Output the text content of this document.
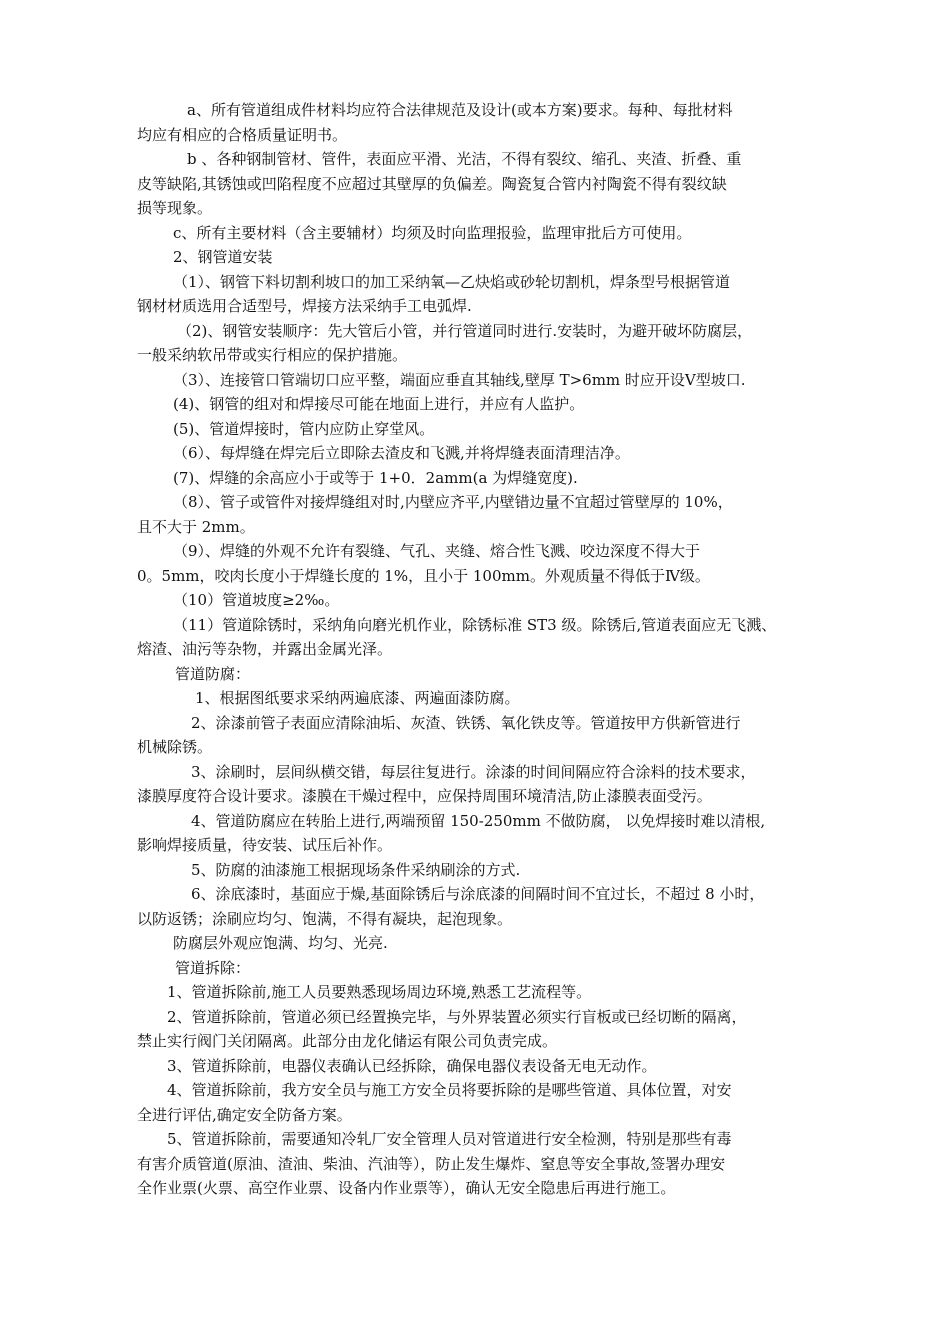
a、所有管道组成件材料均应符合法律规范及设计(或本方案)要求。每种、每批材料
均应有相应的合格质量证明书。
b 、各种钢制管材、管件，表面应平滑、光洁，不得有裂纹、缩孔、夹渣、折叠、重
皮等缺陷,其锈蚀或凹陷程度不应超过其壁厚的负偏差。陶瓷复合管内衬陶瓷不得有裂纹缺
损等现象。
c、所有主要材料（含主要辅材）均须及时向监理报验，监理审批后方可使用。
2、钢管道安装
（1）、钢管下料切割利坡口的加工采纳氧—乙炔焰或砂轮切割机，焊条型号根据管道
钢材材质选用合适型号，焊接方法采纳手工电弧焊.
（2)、钢管安装顺序：先大管后小管，并行管道同时进行.安装时，为避开破坏防腐层，
一般采纳软吊带或实行相应的保护措施。
（3）、连接管口管端切口应平整，端面应垂直其轴线,壁厚 T>6mm 时应开设Ⅴ型坡口.
(4)、钢管的组对和焊接尽可能在地面上进行，并应有人监护。
(5)、管道焊接时，管内应防止穿堂风。
（6）、每焊缝在焊完后立即除去渣皮和飞溅,并将焊缝表面清理洁净。
(7)、焊缝的余高应小于或等于 1+0．2amm(a 为焊缝宽度).
（8）、管子或管件对接焊缝组对时,内壁应齐平,内壁错边量不宜超过管壁厚的 10%，
且不大于 2mm。
（9）、焊缝的外观不允许有裂缝、气孔、夹缝、熔合性飞溅、咬边深度不得大于
0。5mm，咬肉长度小于焊缝长度的 1%，且小于 100mm。外观质量不得低于Ⅳ级。
（10）管道坡度≥2‰。
（11）管道除锈时，采纳角向磨光机作业，除锈标准 ST3 级。除锈后,管道表面应无飞溅、
熔渣、油污等杂物，并露出金属光泽。
管道防腐：
1、根据图纸要求采纳两遍底漆、两遍面漆防腐。
2、涂漆前管子表面应清除油垢、灰渣、铁锈、氧化铁皮等。管道按甲方供新管进行
机械除锈。
3、涂刷时，层间纵横交错，每层往复进行。涂漆的时间间隔应符合涂料的技术要求，
漆膜厚度符合设计要求。漆膜在干燥过程中，应保持周围环境清洁,防止漆膜表面受污。
4、管道防腐应在转胎上进行,两端预留 150-250mm 不做防腐， 以免焊接时难以清根,
影响焊接质量，待安装、试压后补作。
5、防腐的油漆施工根据现场条件采纳刷涂的方式.
6、涂底漆时，基面应于燥,基面除锈后与涂底漆的间隔时间不宜过长，不超过 8 小时，
以防返锈；涂刷应均匀、饱满，不得有凝块，起泡现象。
防腐层外观应饱满、均匀、光亮.
管道拆除：
1、管道拆除前,施工人员要熟悉现场周边环境,熟悉工艺流程等。
2、管道拆除前，管道必须已经置换完毕，与外界装置必须实行盲板或已经切断的隔离，
禁止实行阀门关闭隔离。此部分由龙化储运有限公司负责完成。
3、管道拆除前，电器仪表确认已经拆除，确保电器仪表设备无电无动作。
4、管道拆除前，我方安全员与施工方安全员将要拆除的是哪些管道、具体位置，对安
全进行评估,确定安全防备方案。
5、管道拆除前，需要通知冷轧厂安全管理人员对管道进行安全检测，特别是那些有毒
有害介质管道(原油、渣油、柴油、汽油等），防止发生爆炸、窒息等安全事故,签署办理安
全作业票(火票、高空作业票、设备内作业票等），确认无安全隐患后再进行施工。
